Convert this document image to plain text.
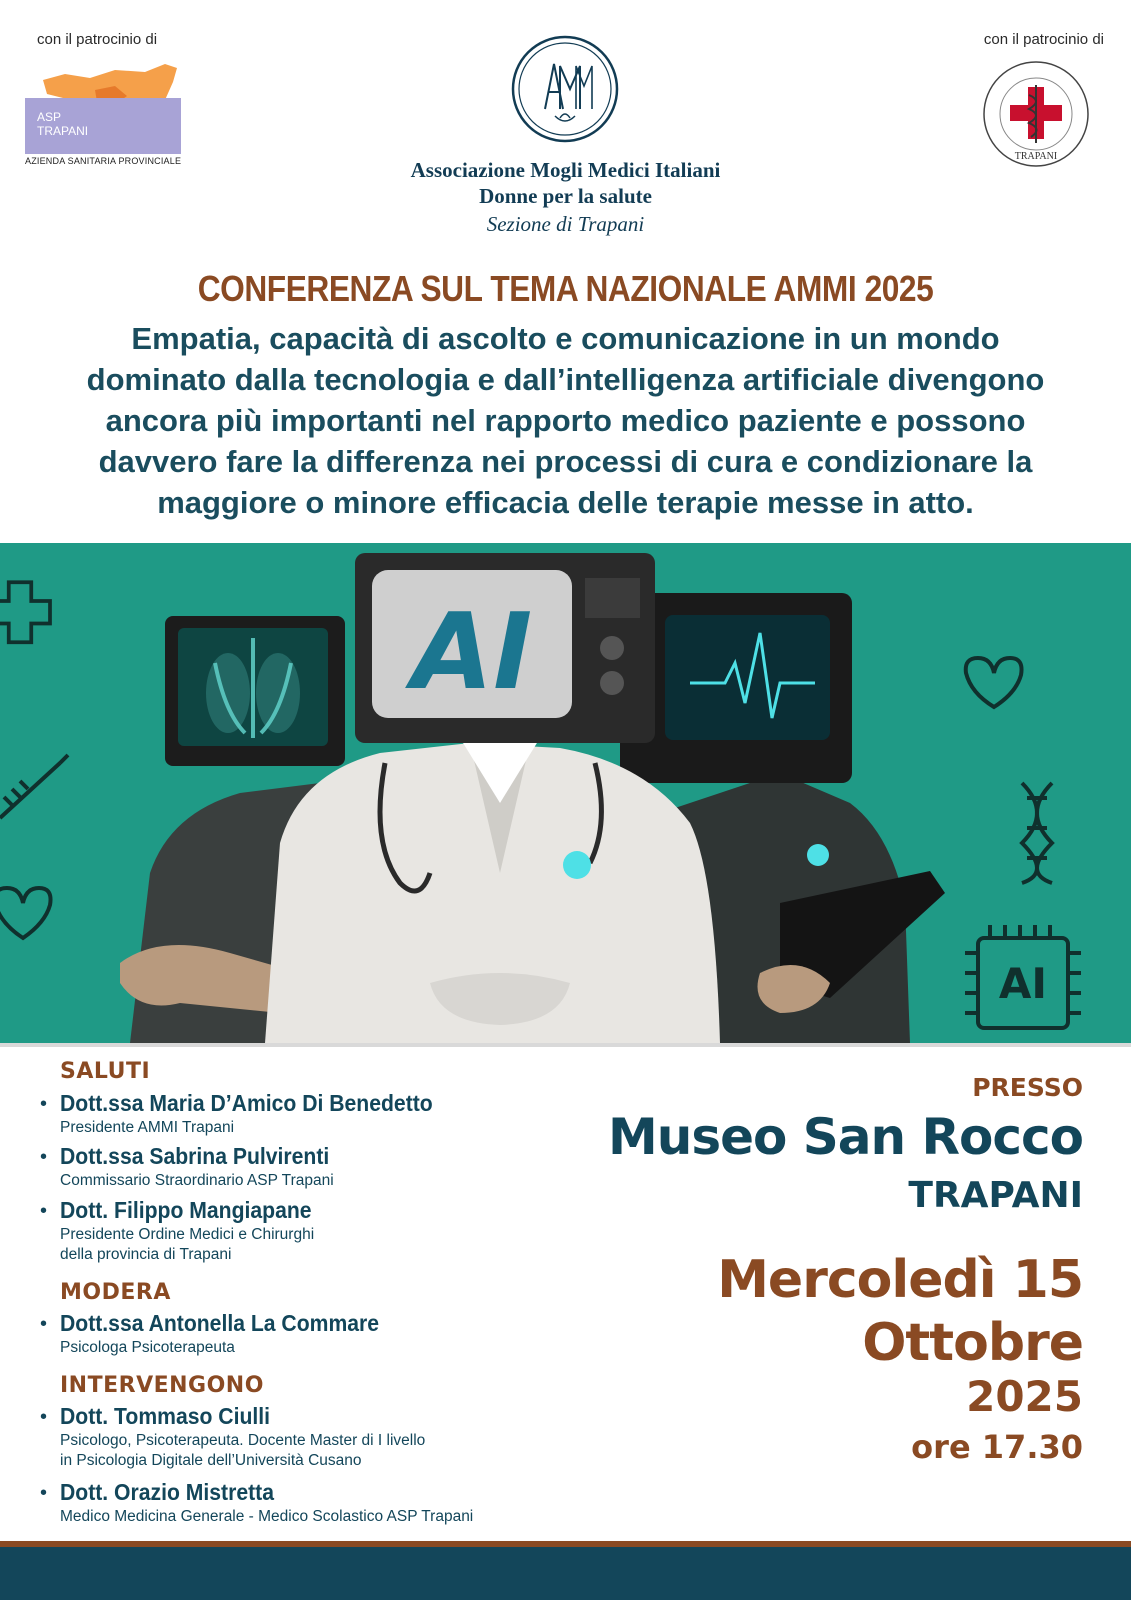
con il patrocinio di	con il patrocinio di
ASP
TRAPANI
AZIENDA SANITARIA PROVINCIALE	Associazione Mogli Medici Italiani
Donne per la salute
Sezione di Trapani
TRAPANI
CONFERENZA SUL TEMA NAZIONALE AMMI 2025
Empatia, capacità di ascolto e comunicazione in un mondo
dominato dalla tecnologia e dall’intelligenza artificiale divengono
ancora più importanti nel rapporto medico paziente e possono
davvero fare la differenza nei processi di cura e condizionare la
maggiore o minore efficacia delle terapie messe in atto.
AI
AI
SALUTI
• Dott.ssa Maria D’Amico Di Benedetto
Presidente AMMI Trapani
• Dott.ssa Sabrina Pulvirenti
Commissario Straordinario ASP Trapani
• Dott. Filippo Mangiapane
Presidente Ordine Medici e Chirurghi
della provincia di Trapani
MODERA
• Dott.ssa Antonella La Commare
Psicologa Psicoterapeuta
INTERVENGONO
• Dott. Tommaso Ciulli
Psicologo, Psicoterapeuta. Docente Master di I livello
in Psicologia Digitale dell’Università Cusano
• Dott. Orazio Mistretta
Medico Medicina Generale - Medico Scolastico ASP Trapani
PRESSO
Museo San Rocco
TRAPANI
Mercoledì 15
Ottobre
2025
ore 17.30
